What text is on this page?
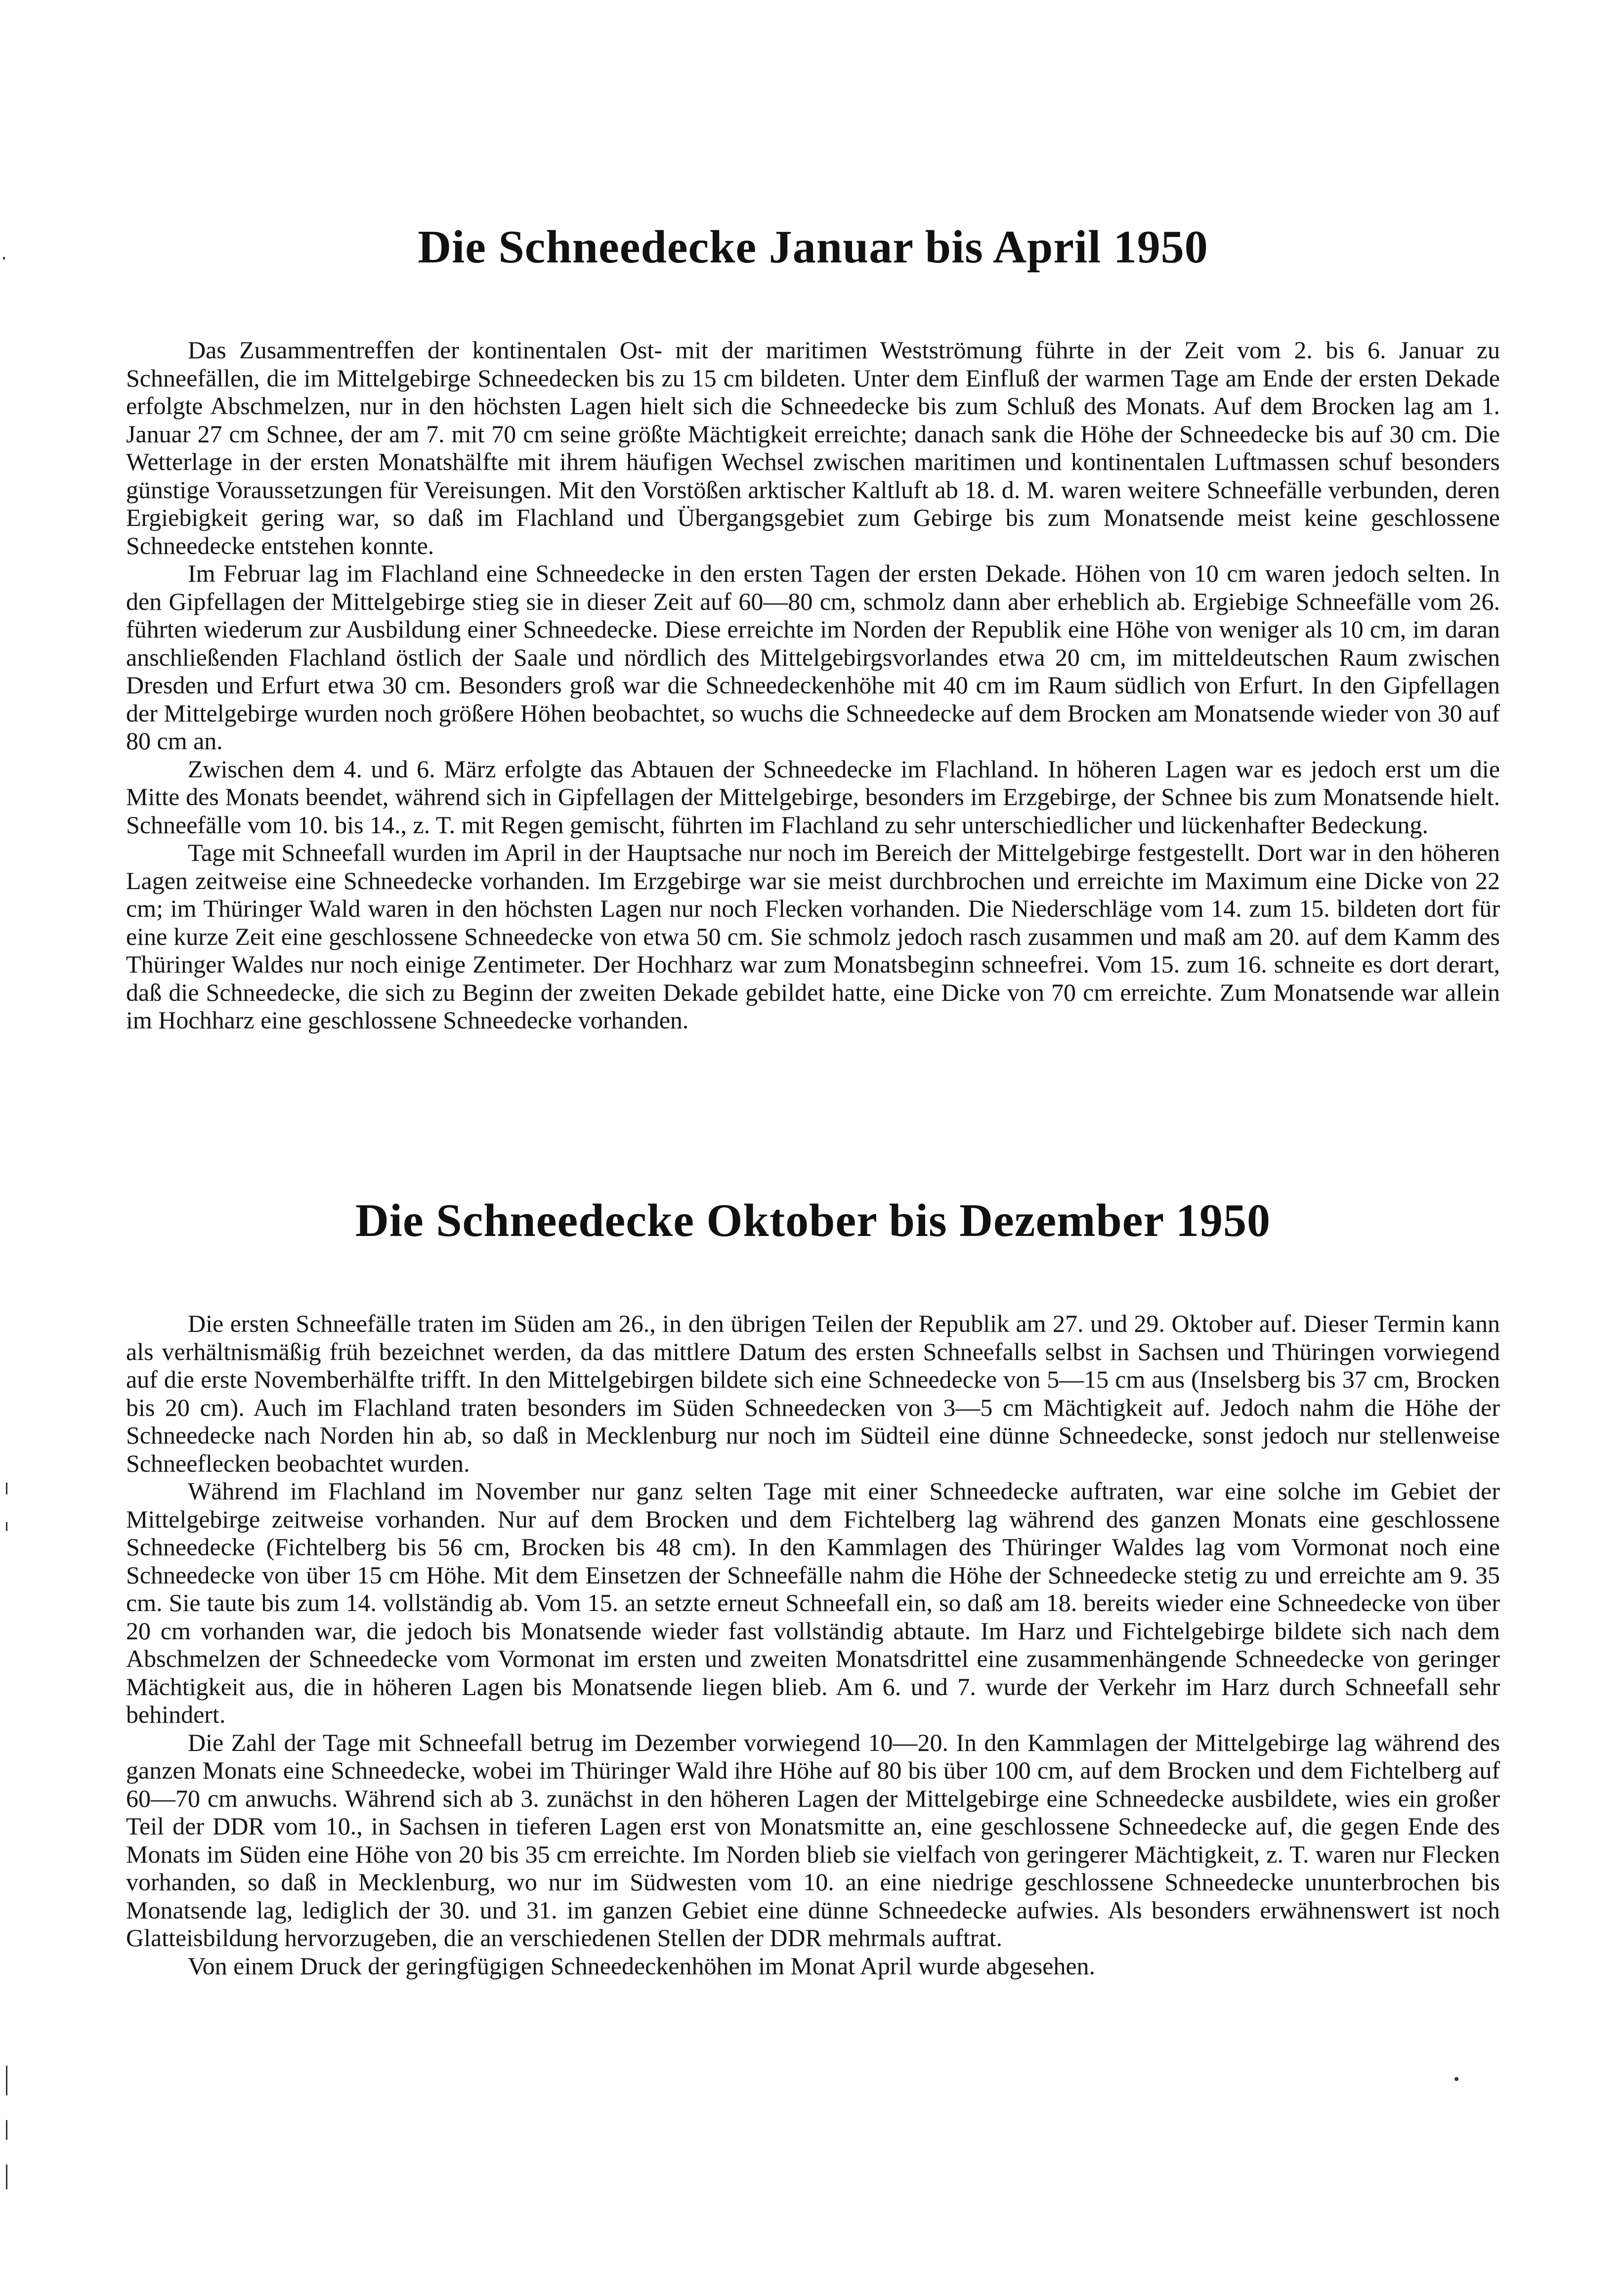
Die Schneedecke Januar bis April 1950

Das Zusammentreffen der kontinentalen Ost- mit der maritimen Westströmung führte in der Zeit vom 2. bis 6. Januar zu Schneefällen, die im Mittelgebirge Schneedecken bis zu 15 cm bildeten. Unter dem Einfluß der warmen Tage am Ende der ersten Dekade erfolgte Abschmelzen, nur in den höchsten Lagen hielt sich die Schneedecke bis zum Schluß des Monats. Auf dem Brocken lag am 1. Januar 27 cm Schnee, der am 7. mit 70 cm seine größte Mächtigkeit erreichte; danach sank die Höhe der Schneedecke bis auf 30 cm. Die Wetterlage in der ersten Monatshälfte mit ihrem häufigen Wechsel zwischen maritimen und kontinentalen Luftmassen schuf besonders günstige Voraussetzungen für Vereisungen. Mit den Vorstößen arktischer Kaltluft ab 18. d. M. waren weitere Schneefälle verbunden, deren Ergiebigkeit gering war, so daß im Flachland und Übergangsgebiet zum Gebirge bis zum Monatsende meist keine geschlossene Schneedecke entstehen konnte.

Im Februar lag im Flachland eine Schneedecke in den ersten Tagen der ersten Dekade. Höhen von 10 cm waren jedoch selten. In den Gipfellagen der Mittelgebirge stieg sie in dieser Zeit auf 60—80 cm, schmolz dann aber erheblich ab. Ergiebige Schneefälle vom 26. führten wiederum zur Ausbildung einer Schneedecke. Diese erreichte im Norden der Republik eine Höhe von weniger als 10 cm, im daran anschließenden Flachland östlich der Saale und nördlich des Mittelgebirgsvorlandes etwa 20 cm, im mitteldeutschen Raum zwischen Dresden und Erfurt etwa 30 cm. Besonders groß war die Schneedeckenhöhe mit 40 cm im Raum südlich von Erfurt. In den Gipfellagen der Mittelgebirge wurden noch größere Höhen beobachtet, so wuchs die Schneedecke auf dem Brocken am Monatsende wieder von 30 auf 80 cm an.

Zwischen dem 4. und 6. März erfolgte das Abtauen der Schneedecke im Flachland. In höheren Lagen war es jedoch erst um die Mitte des Monats beendet, während sich in Gipfellagen der Mittelgebirge, besonders im Erzgebirge, der Schnee bis zum Monatsende hielt. Schneefälle vom 10. bis 14., z. T. mit Regen gemischt, führten im Flachland zu sehr unterschiedlicher und lückenhafter Bedeckung.

Tage mit Schneefall wurden im April in der Hauptsache nur noch im Bereich der Mittelgebirge festgestellt. Dort war in den höheren Lagen zeitweise eine Schneedecke vorhanden. Im Erzgebirge war sie meist durchbrochen und erreichte im Maximum eine Dicke von 22 cm; im Thüringer Wald waren in den höchsten Lagen nur noch Flecken vorhanden. Die Niederschläge vom 14. zum 15. bildeten dort für eine kurze Zeit eine geschlossene Schneedecke von etwa 50 cm. Sie schmolz jedoch rasch zusammen und maß am 20. auf dem Kamm des Thüringer Waldes nur noch einige Zentimeter. Der Hochharz war zum Monatsbeginn schneefrei. Vom 15. zum 16. schneite es dort derart, daß die Schneedecke, die sich zu Beginn der zweiten Dekade gebildet hatte, eine Dicke von 70 cm erreichte. Zum Monatsende war allein im Hochharz eine geschlossene Schneedecke vorhanden.

Die Schneedecke Oktober bis Dezember 1950

Die ersten Schneefälle traten im Süden am 26., in den übrigen Teilen der Republik am 27. und 29. Oktober auf. Dieser Termin kann als verhältnismäßig früh bezeichnet werden, da das mittlere Datum des ersten Schneefalls selbst in Sachsen und Thüringen vorwiegend auf die erste Novemberhälfte trifft. In den Mittelgebirgen bildete sich eine Schneedecke von 5—15 cm aus (Inselsberg bis 37 cm, Brocken bis 20 cm). Auch im Flachland traten besonders im Süden Schneedecken von 3—5 cm Mächtigkeit auf. Jedoch nahm die Höhe der Schneedecke nach Norden hin ab, so daß in Mecklenburg nur noch im Südteil eine dünne Schneedecke, sonst jedoch nur stellenweise Schneeflecken beobachtet wurden.

Während im Flachland im November nur ganz selten Tage mit einer Schneedecke auftraten, war eine solche im Gebiet der Mittelgebirge zeitweise vorhanden. Nur auf dem Brocken und dem Fichtelberg lag während des ganzen Monats eine geschlossene Schneedecke (Fichtelberg bis 56 cm, Brocken bis 48 cm). In den Kammlagen des Thüringer Waldes lag vom Vormonat noch eine Schneedecke von über 15 cm Höhe. Mit dem Einsetzen der Schneefälle nahm die Höhe der Schneedecke stetig zu und erreichte am 9. 35 cm. Sie taute bis zum 14. vollständig ab. Vom 15. an setzte erneut Schneefall ein, so daß am 18. bereits wieder eine Schneedecke von über 20 cm vorhanden war, die jedoch bis Monatsende wieder fast vollständig abtaute. Im Harz und Fichtelgebirge bildete sich nach dem Abschmelzen der Schneedecke vom Vormonat im ersten und zweiten Monatsdrittel eine zusammenhängende Schneedecke von geringer Mächtigkeit aus, die in höheren Lagen bis Monatsende liegen blieb. Am 6. und 7. wurde der Verkehr im Harz durch Schneefall sehr behindert.

Die Zahl der Tage mit Schneefall betrug im Dezember vorwiegend 10—20. In den Kammlagen der Mittelgebirge lag während des ganzen Monats eine Schneedecke, wobei im Thüringer Wald ihre Höhe auf 80 bis über 100 cm, auf dem Brocken und dem Fichtelberg auf 60—70 cm anwuchs. Während sich ab 3. zunächst in den höheren Lagen der Mittelgebirge eine Schneedecke ausbildete, wies ein großer Teil der DDR vom 10., in Sachsen in tieferen Lagen erst von Monatsmitte an, eine geschlossene Schneedecke auf, die gegen Ende des Monats im Süden eine Höhe von 20 bis 35 cm erreichte. Im Norden blieb sie vielfach von geringerer Mächtigkeit, z. T. waren nur Flecken vorhanden, so daß in Mecklenburg, wo nur im Südwesten vom 10. an eine niedrige geschlossene Schneedecke ununterbrochen bis Monatsende lag, lediglich der 30. und 31. im ganzen Gebiet eine dünne Schneedecke aufwies. Als besonders erwähnenswert ist noch Glatteisbildung hervorzugeben, die an verschiedenen Stellen der DDR mehrmals auftrat.

Von einem Druck der geringfügigen Schneedeckenhöhen im Monat April wurde abgesehen.
